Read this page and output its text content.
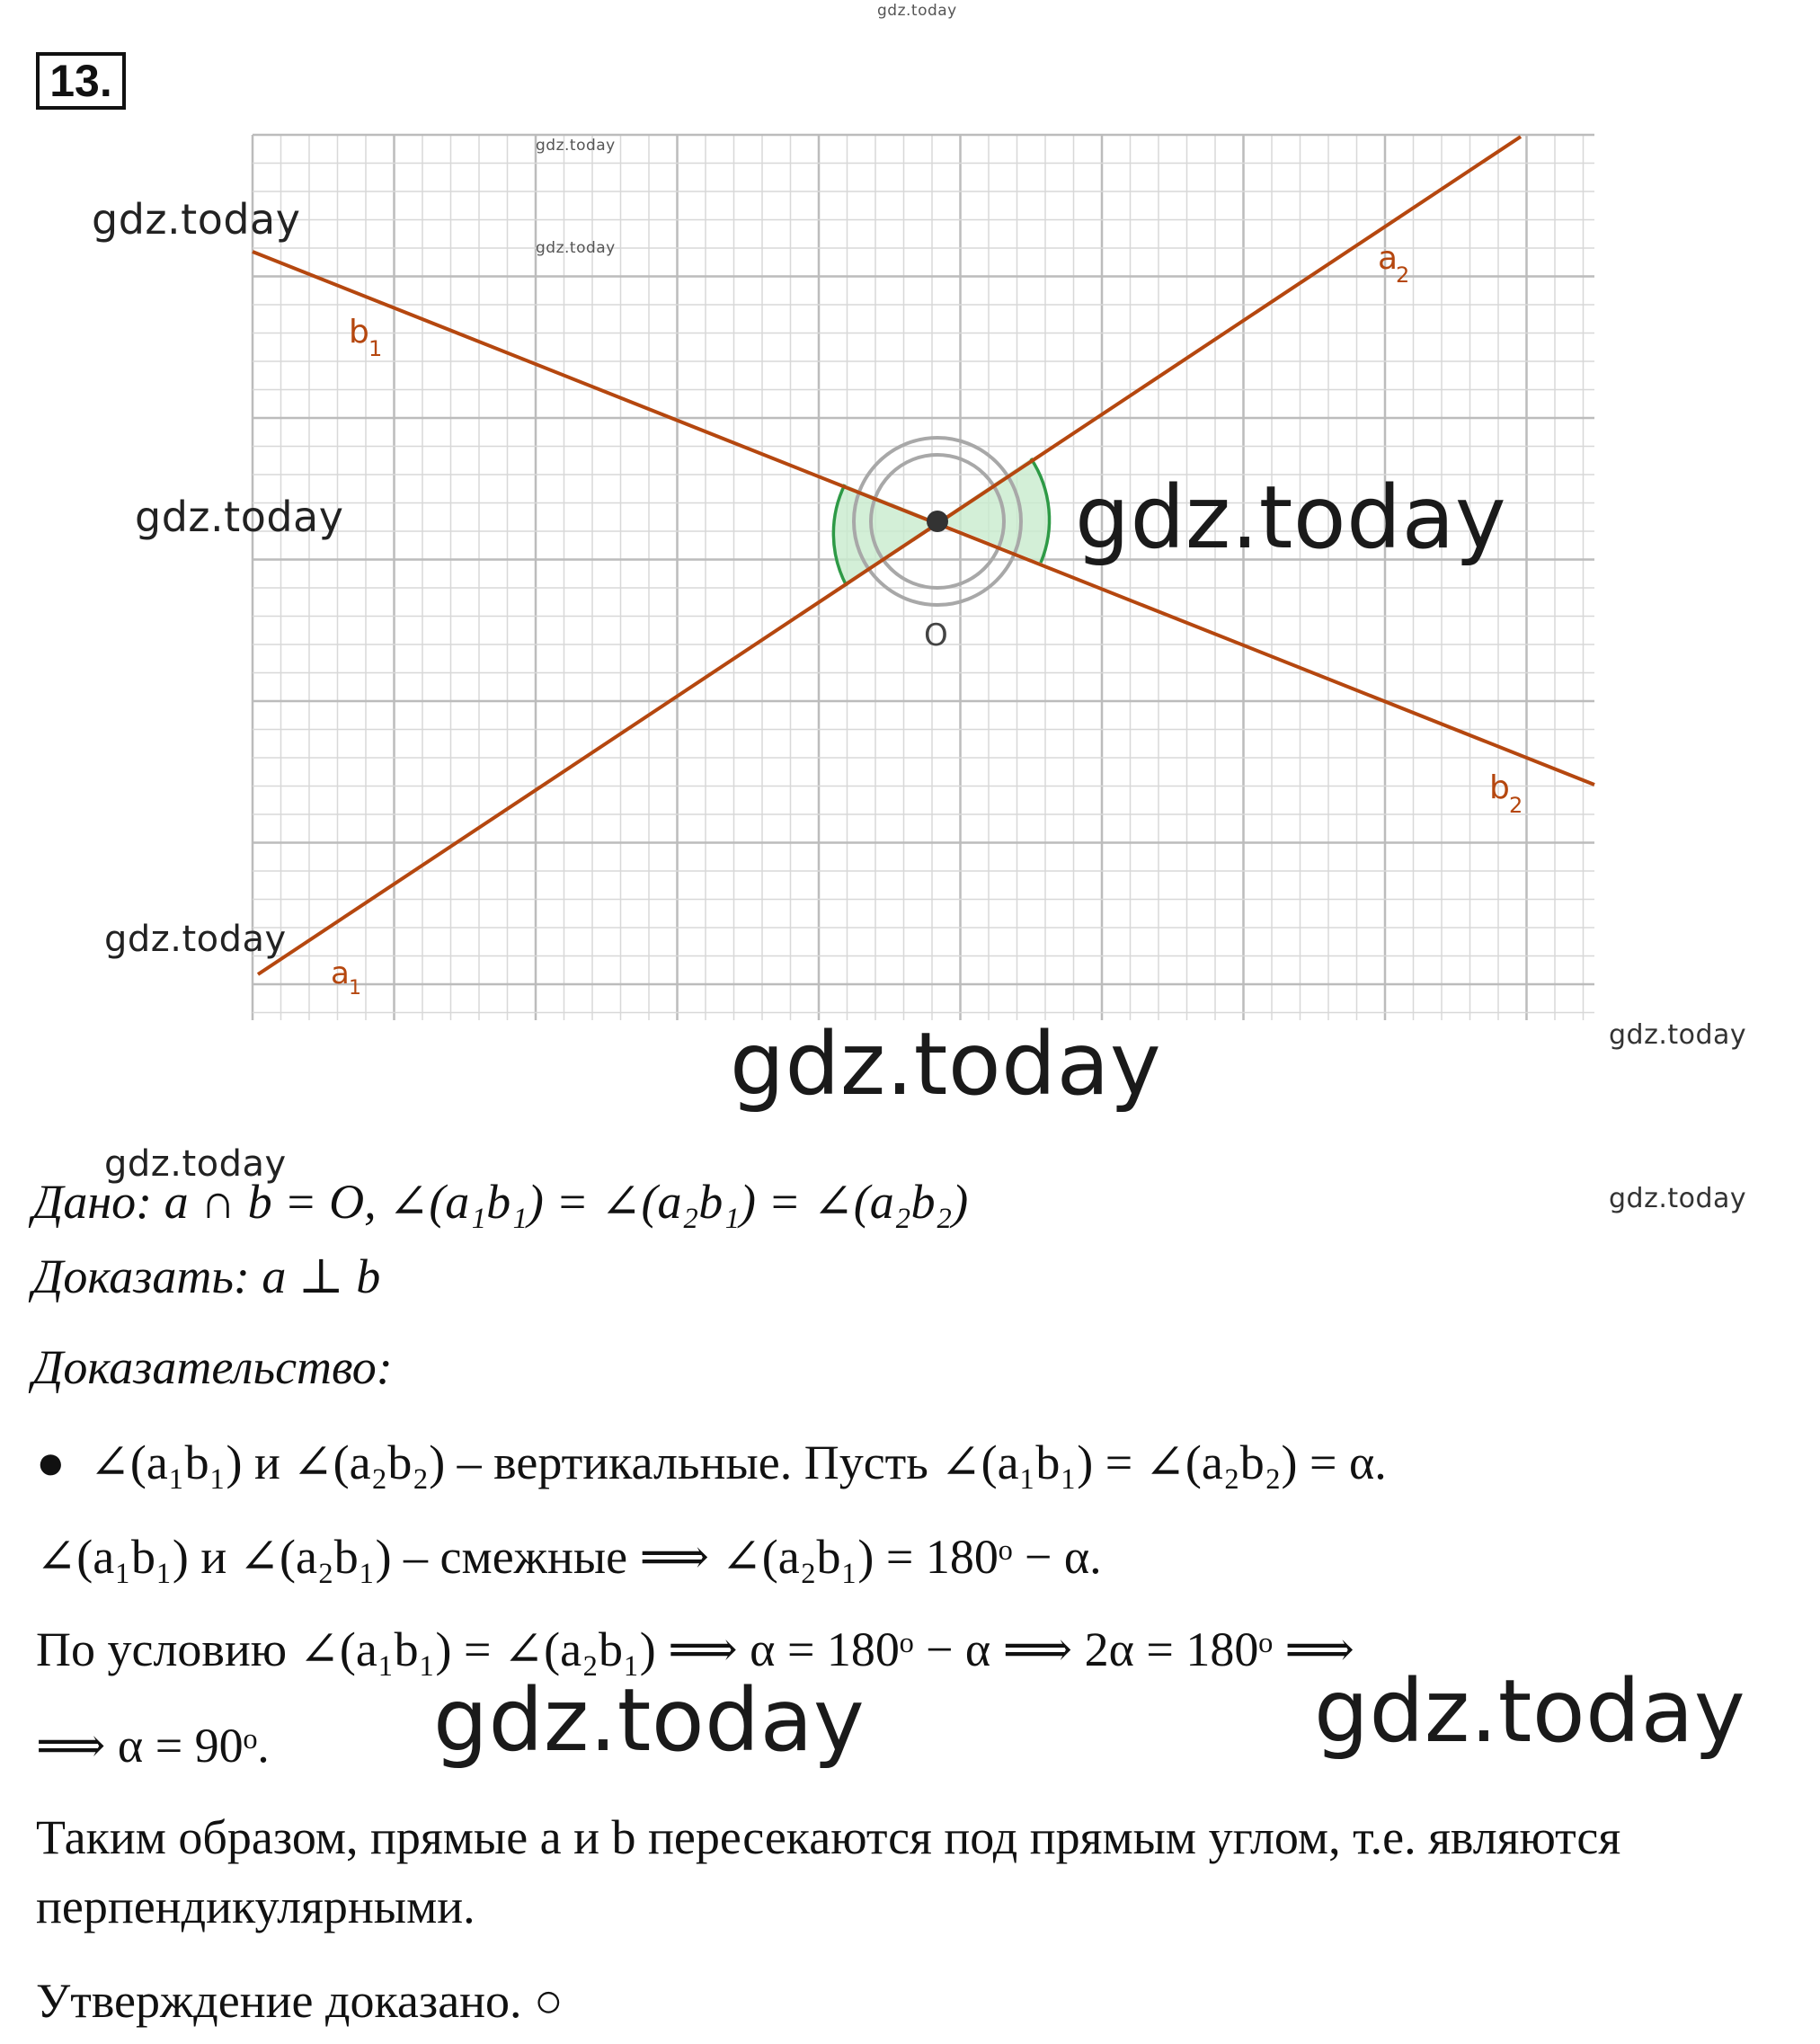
gdz.today
13.
b 1
a
2
b 2
a 1
O
gdz.today
gdz.today
gdz.today
gdz.today
gdz.today
gdz.today
gdz.today	gdz.today
gdz.today
gdz.today
Дано: a ∩ b = O, ∠(a₁b₁) = ∠(a₂b₁) = ∠(a₂b₂)
Доказать: a ⊥ b
Доказательство:
● ∠(a₁b₁) и ∠(a₂b₂) – вертикальные. Пусть ∠(a₁b₁) = ∠(a₂b₂) = α.
∠(a₁b₁) и ∠(a₂b₁) – смежные ⟹ ∠(a₂b₁) = 180ᵒ − α.
По условию ∠(a₁b₁) = ∠(a₂b₁) ⟹ α = 180ᵒ − α ⟹ 2α = 180ᵒ ⟹
⟹ α = 90ᵒ. gdz.today	gdz.today
Таким образом, прямые a и b пересекаются под прямым углом, т.е. являются
перпендикулярными.
Утверждение доказано. ○
